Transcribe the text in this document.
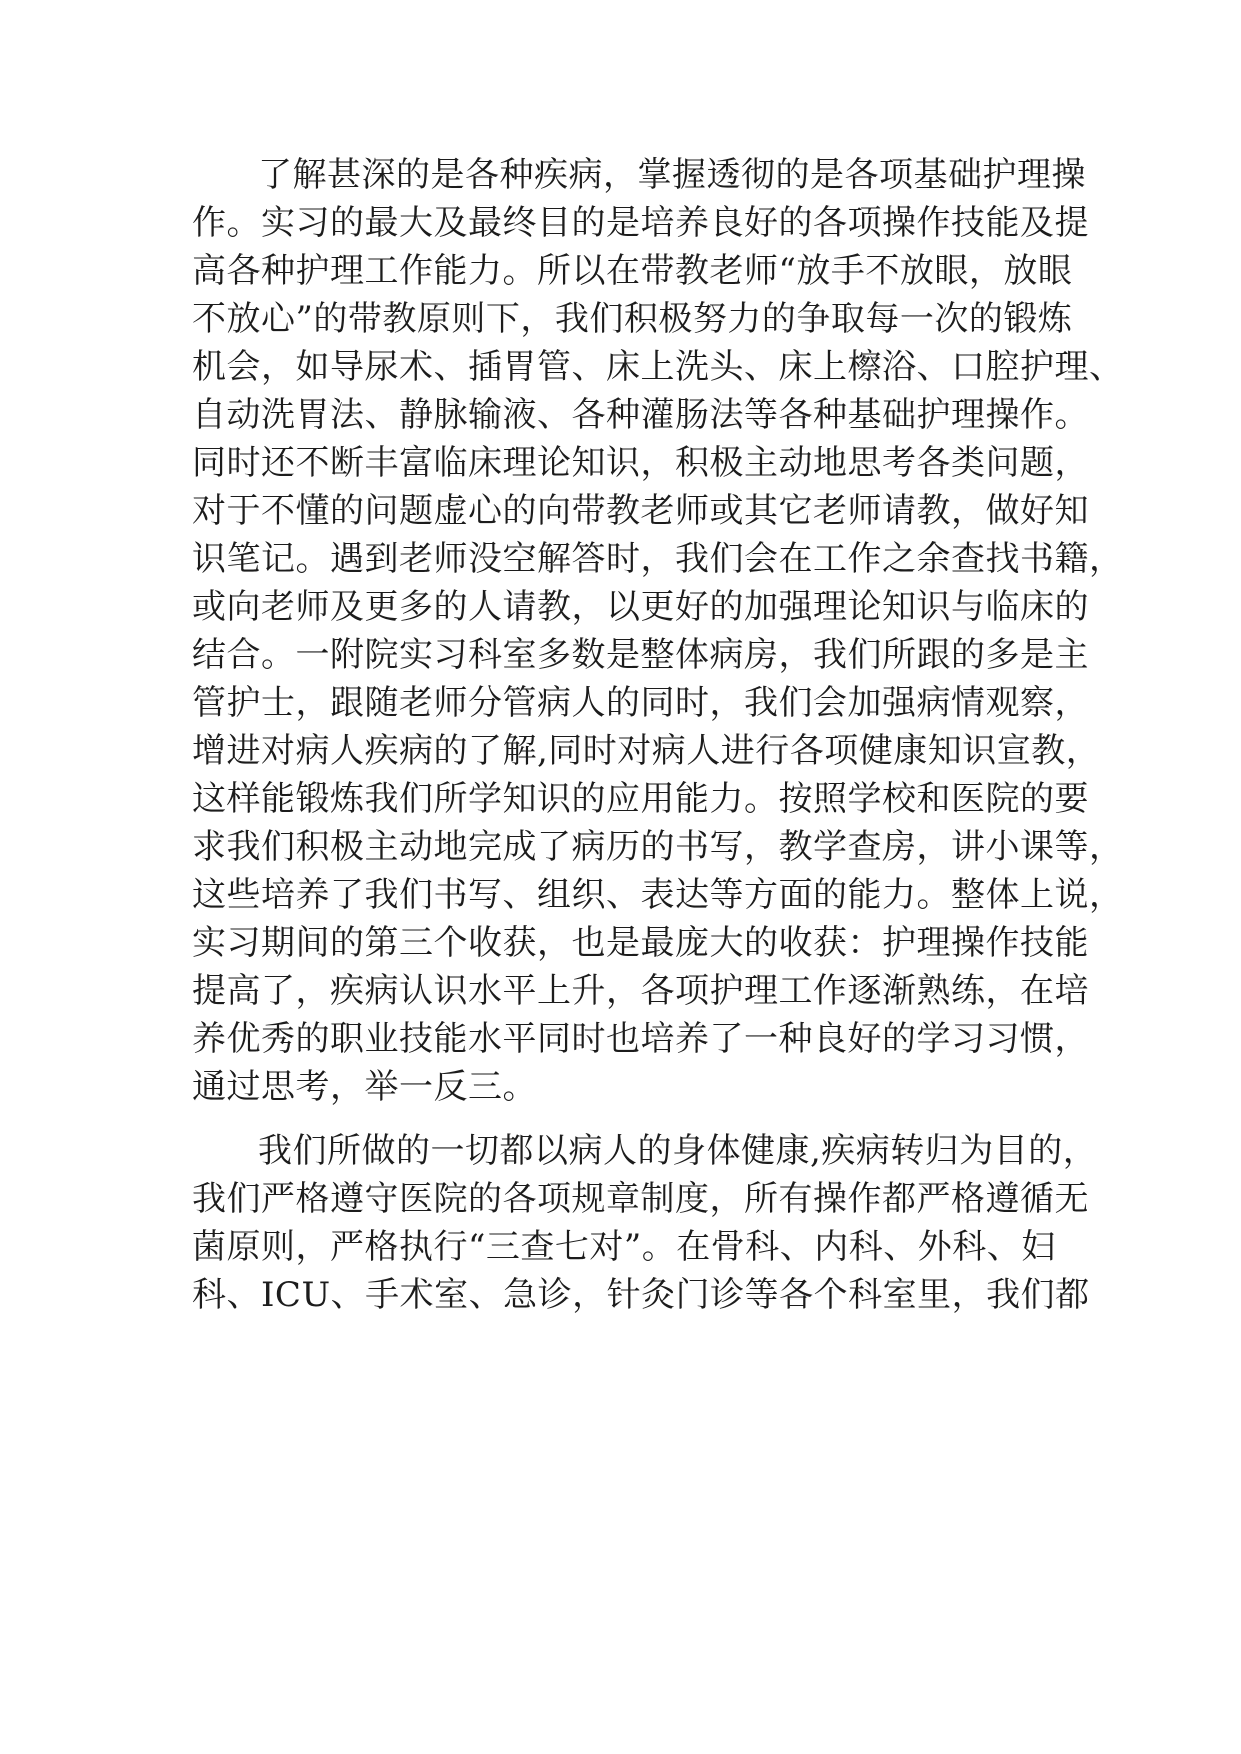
了解甚深的是各种疾病，掌握透彻的是各项基础护理操
作。实习的最大及最终目的是培养良好的各项操作技能及提
高各种护理工作能力。所以在带教老师“放手不放眼，放眼
不放心”的带教原则下，我们积极努力的争取每一次的锻炼
机会，如导尿术、插胃管、床上洗头、床上檫浴、口腔护理、
自动洗胃法、静脉输液、各种灌肠法等各种基础护理操作。
同时还不断丰富临床理论知识，积极主动地思考各类问题，
对于不懂的问题虚心的向带教老师或其它老师请教，做好知
识笔记。遇到老师没空解答时，我们会在工作之余查找书籍，
或向老师及更多的人请教，以更好的加强理论知识与临床的
结合。一附院实习科室多数是整体病房，我们所跟的多是主
管护士，跟随老师分管病人的同时，我们会加强病情观察，
增进对病人疾病的了解,同时对病人进行各项健康知识宣教，
这样能锻炼我们所学知识的应用能力。按照学校和医院的要
求我们积极主动地完成了病历的书写，教学查房，讲小课等，
这些培养了我们书写、组织、表达等方面的能力。整体上说，
实习期间的第三个收获，也是最庞大的收获：护理操作技能
提高了，疾病认识水平上升，各项护理工作逐渐熟练，在培
养优秀的职业技能水平同时也培养了一种良好的学习习惯，
通过思考，举一反三。
我们所做的一切都以病人的身体健康,疾病转归为目的，
我们严格遵守医院的各项规章制度，所有操作都严格遵循无
菌原则，严格执行“三查七对”。在骨科、内科、外科、妇
科、ICU、手术室、急诊，针灸门诊等各个科室里，我们都
